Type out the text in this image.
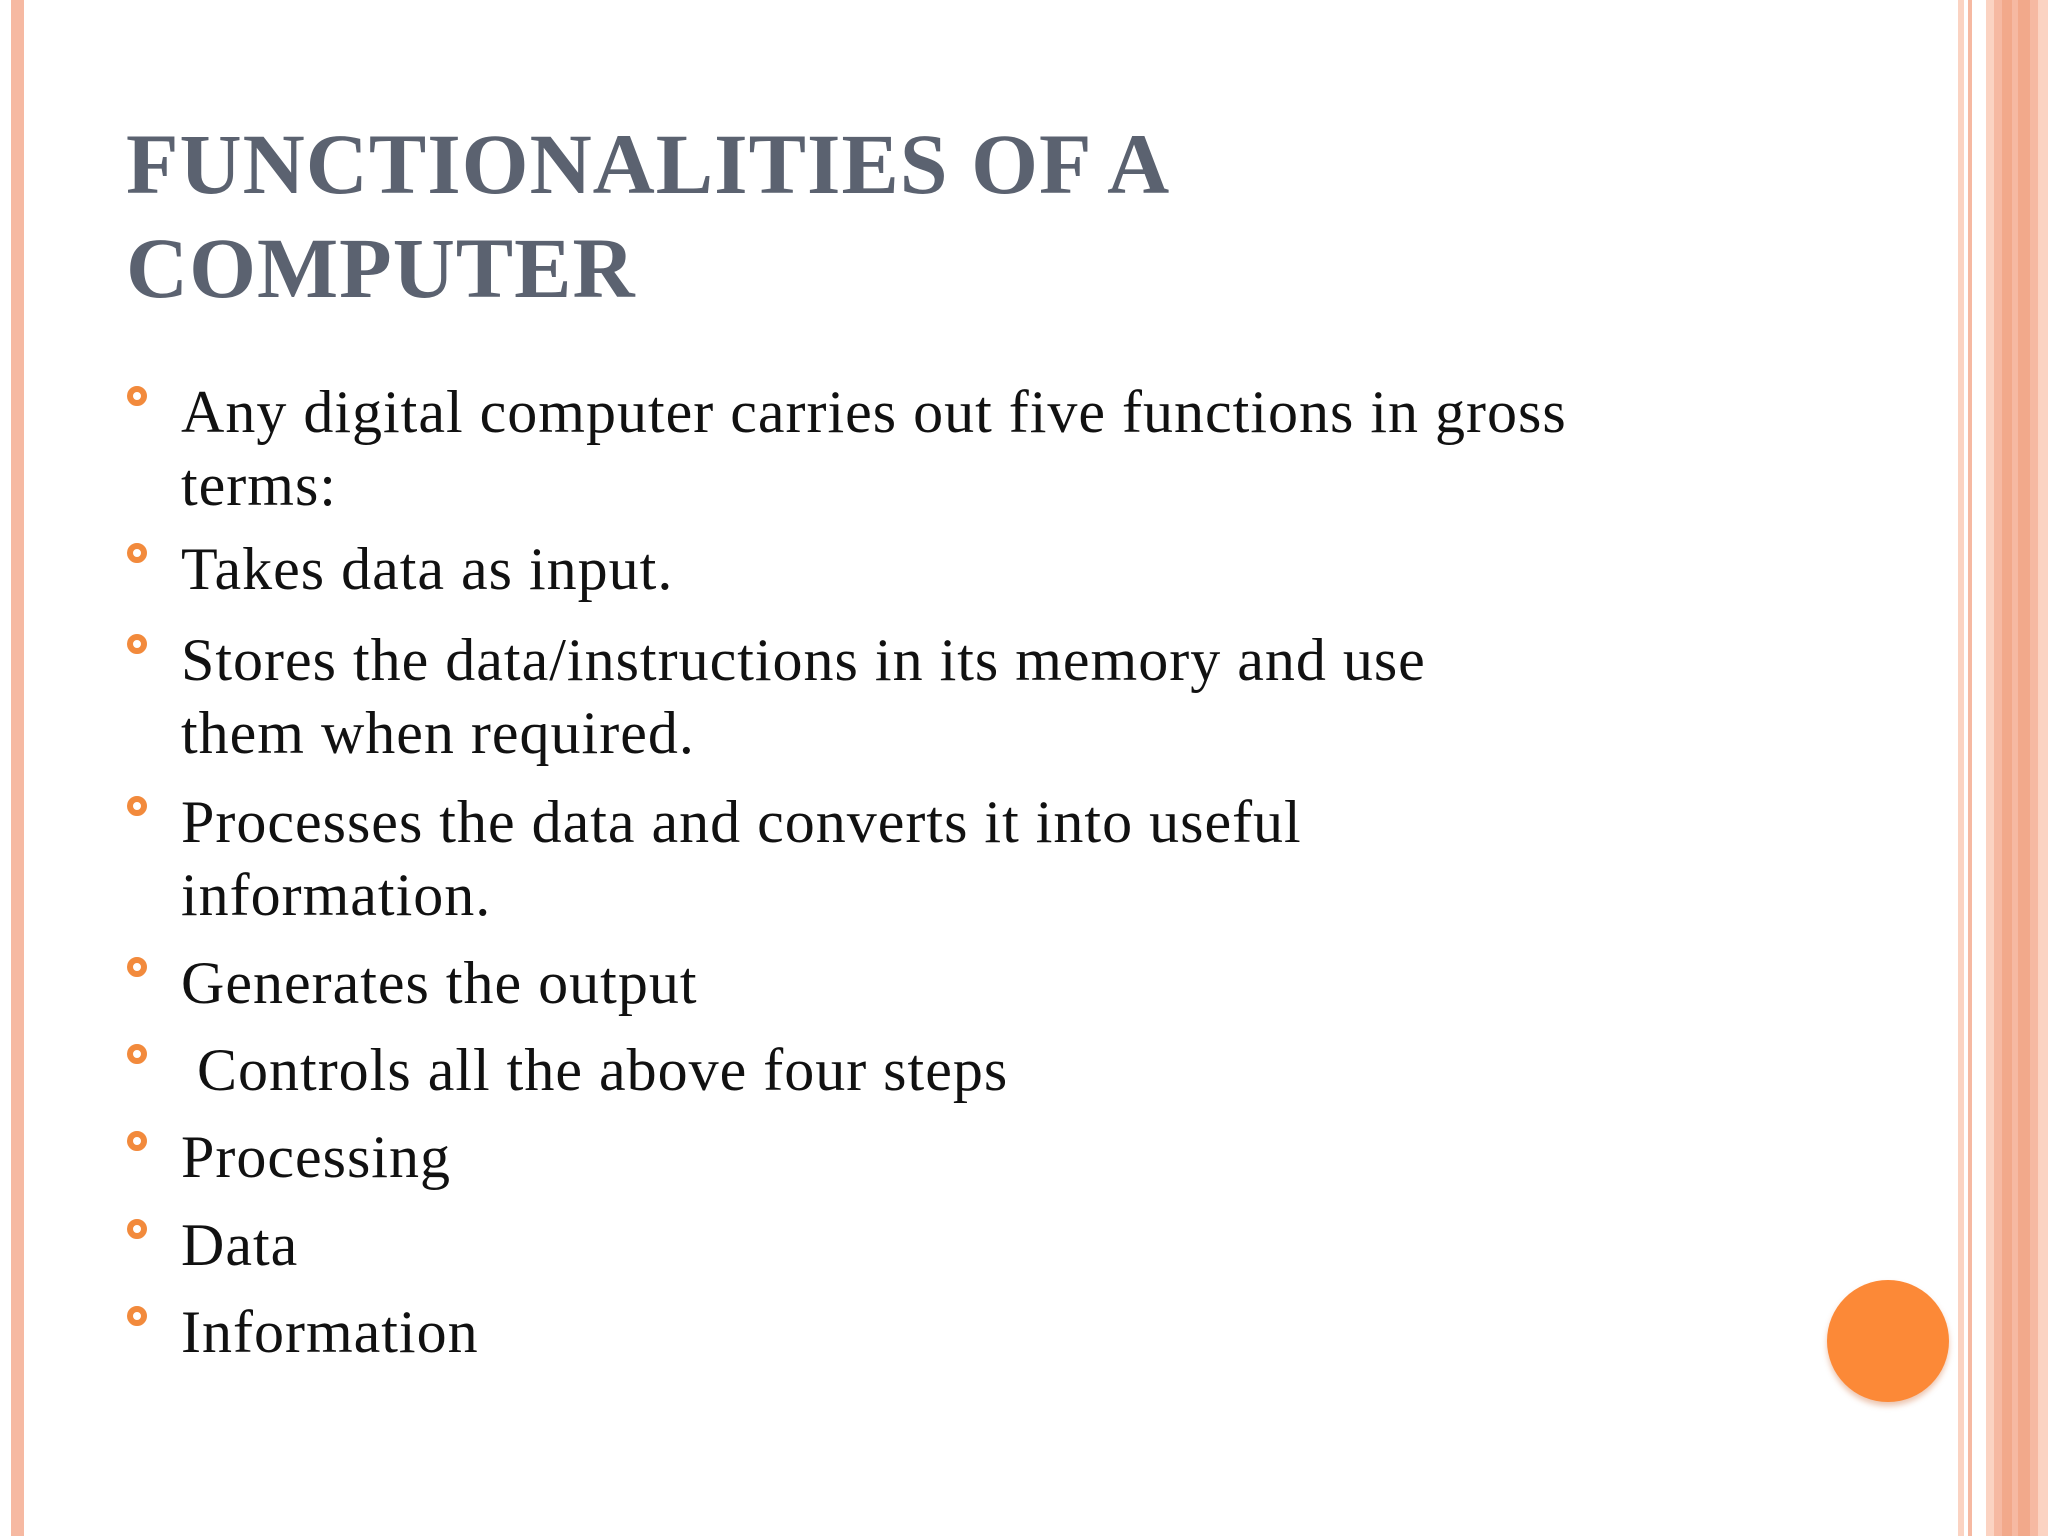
FUNCTIONALITIES OF A
COMPUTER
Any digital computer carries out five functions in gross
terms:
Takes data as input.
Stores the data/instructions in its memory and use
them when required.
Processes the data and converts it into useful
information.
Generates the output
Controls all the above four steps
Processing
Data
Information
